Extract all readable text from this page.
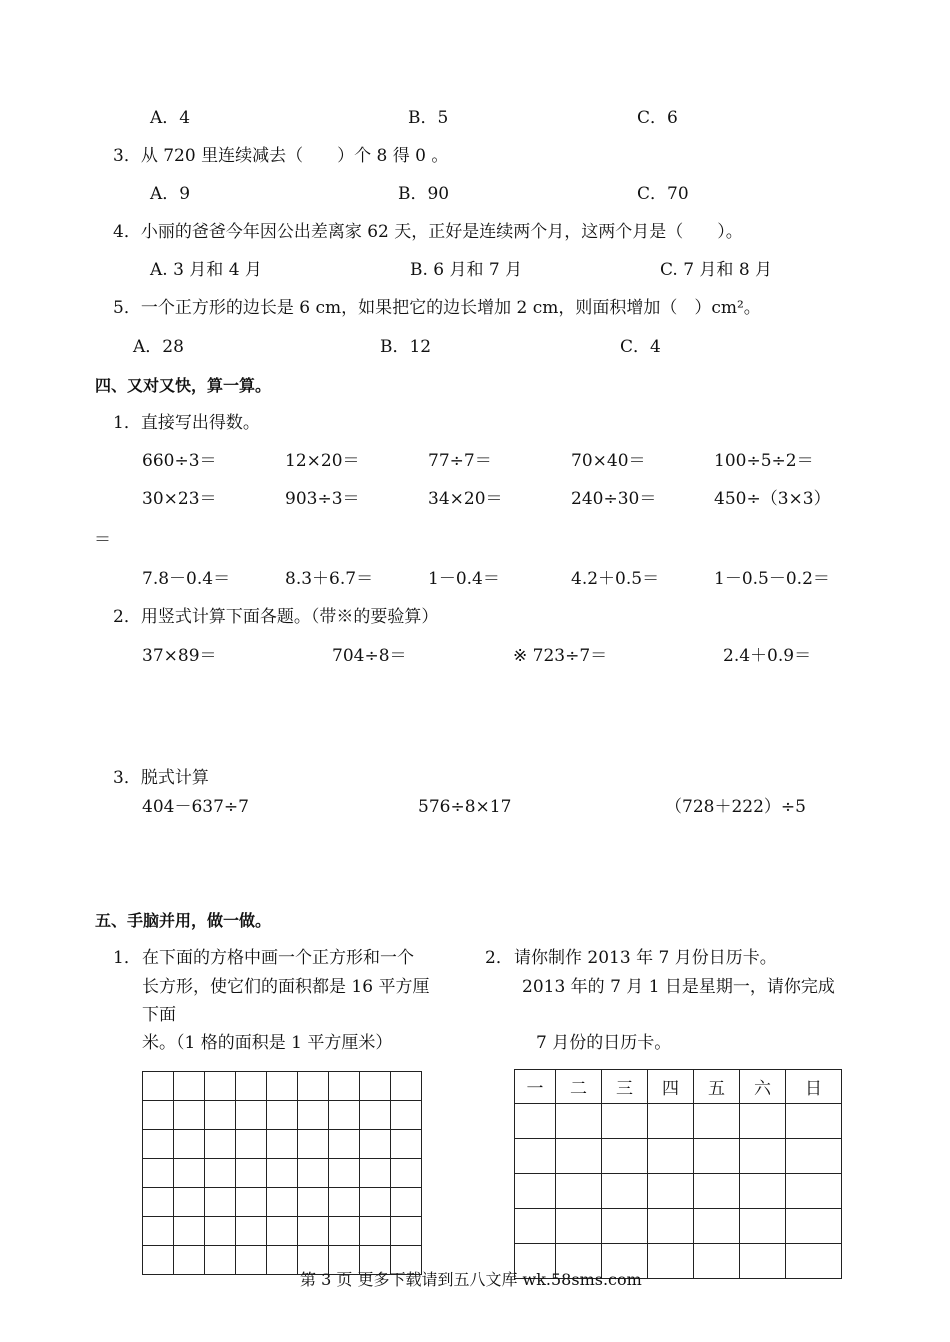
A．4	B．5	C．6
3．从 720 里连续减去（　　）个 8 得 0 。
A．9	B．90	C．70
4．小丽的爸爸今年因公出差离家 62 天，正好是连续两个月，这两个月是（　　）。
A. 3 月和 4 月	B. 6 月和 7 月	C. 7 月和 8 月
5．一个正方形的边长是 6 cm，如果把它的边长增加 2 cm，则面积增加（　）cm²。
A．28	B．12	C．4
四、又对又快，算一算。
1．直接写出得数。
660÷3＝	12×20＝	77÷7＝	70×40＝	100÷5÷2＝
30×23＝	903÷3＝	34×20＝	240÷30＝	450÷（3×3）
＝
7.8－0.4＝	8.3＋6.7＝	1－0.4＝	4.2＋0.5＝	1－0.5－0.2＝
2．用竖式计算下面各题。（带※的要验算）
37×89＝	704÷8＝	※ 723÷7＝	2.4＋0.9＝
3．脱式计算
404－637÷7	576÷8×17	（728＋222）÷5
五、手脑并用，做一做。
1． 在下面的方格中画一个正方形和一个
长方形，使它们的面积都是 16 平方厘
下面
米。（1 格的面积是 1 平方厘米）
2． 请你制作 2013 年 7 月份日历卡。
2013 年的 7 月 1 日是星期一，请你完成
7 月份的日历卡。

一	二	三	四	五	六	日

第 3 页 更多下载请到五八文库 wk.58sms.com
